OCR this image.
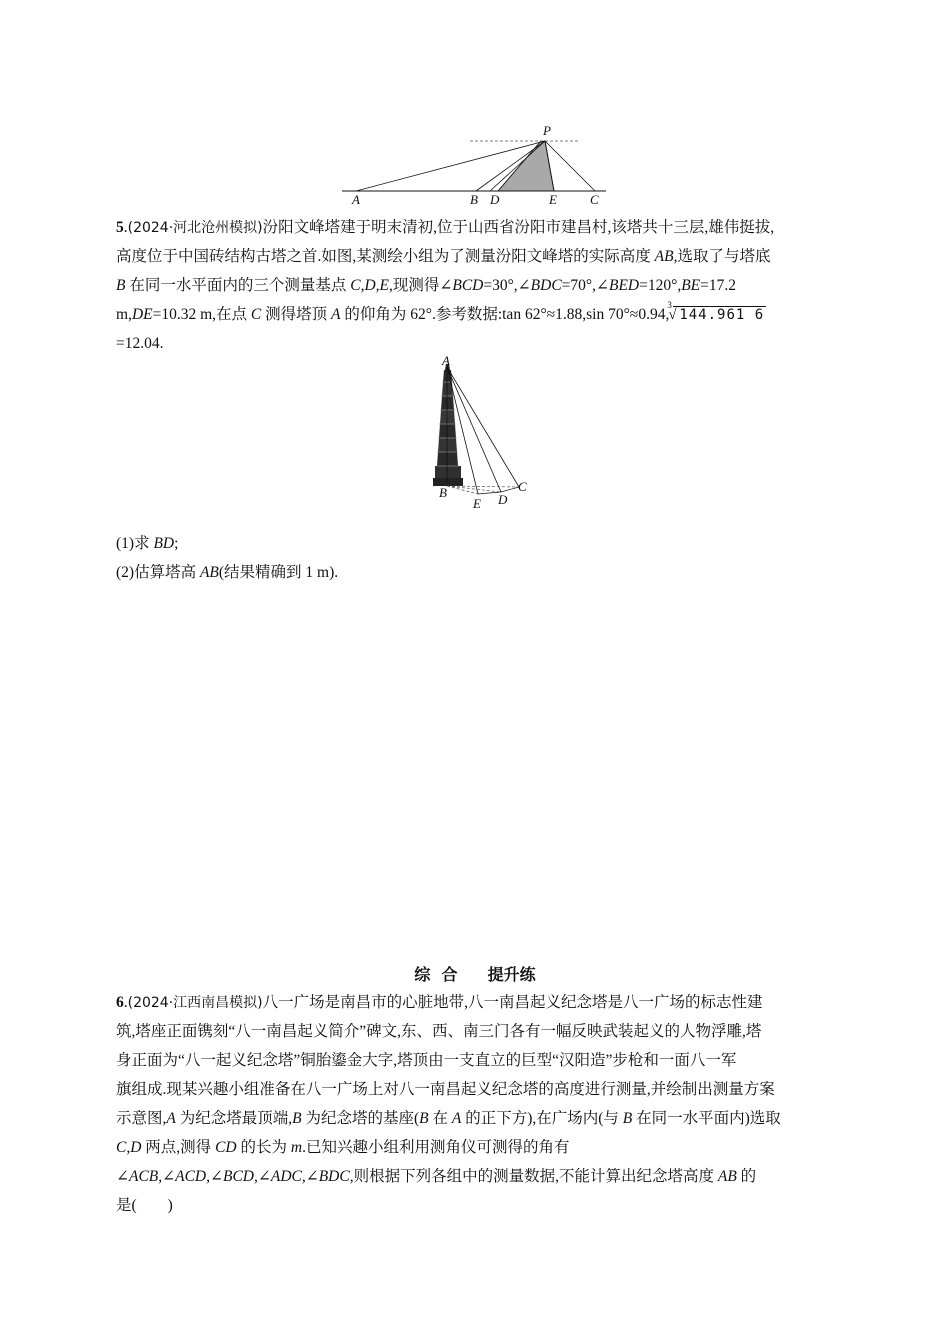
P
A	B D	E	C
5.(2024·河北沧州模拟)汾阳文峰塔建于明末清初,位于山西省汾阳市建昌村,该塔共十三层,雄伟挺拔,
高度位于中国砖结构古塔之首.如图,某测绘小组为了测量汾阳文峰塔的实际高度 AB,选取了与塔底
B 在同一水平面内的三个测量基点 C,D,E,现测得∠BCD=30°,∠BDC=70°,∠BED=120°,BE=17.2
m,DE=10.32 m,在点 C 测得塔顶 A 的仰角为 62°.参考数据:tan 62°≈1.88,sin 70°≈0.94,
3
√ 144.961 6
=12.04.
A
B
E D
C
(1)求 BD;
(2)估算塔高 AB(结果精确到 1 m).
综  合 提升练
6.(2024·江西南昌模拟)八一广场是南昌市的心脏地带,八一南昌起义纪念塔是八一广场的标志性建
筑,塔座正面镌刻“八一南昌起义简介”碑文,东、西、南三门各有一幅反映武装起义的人物浮雕,塔
身正面为“八一起义纪念塔”铜胎鎏金大字,塔顶由一支直立的巨型“汉阳造”步枪和一面八一军
旗组成.现某兴趣小组准备在八一广场上对八一南昌起义纪念塔的高度进行测量,并绘制出测量方案
示意图,A 为纪念塔最顶端,B 为纪念塔的基座(B 在 A 的正下方),在广场内(与 B 在同一水平面内)选取
C,D 两点,测得 CD 的长为 m.已知兴趣小组利用测角仪可测得的角有
∠ACB,∠ACD,∠BCD,∠ADC,∠BDC,则根据下列各组中的测量数据,不能计算出纪念塔高度 AB 的
是(　　)
